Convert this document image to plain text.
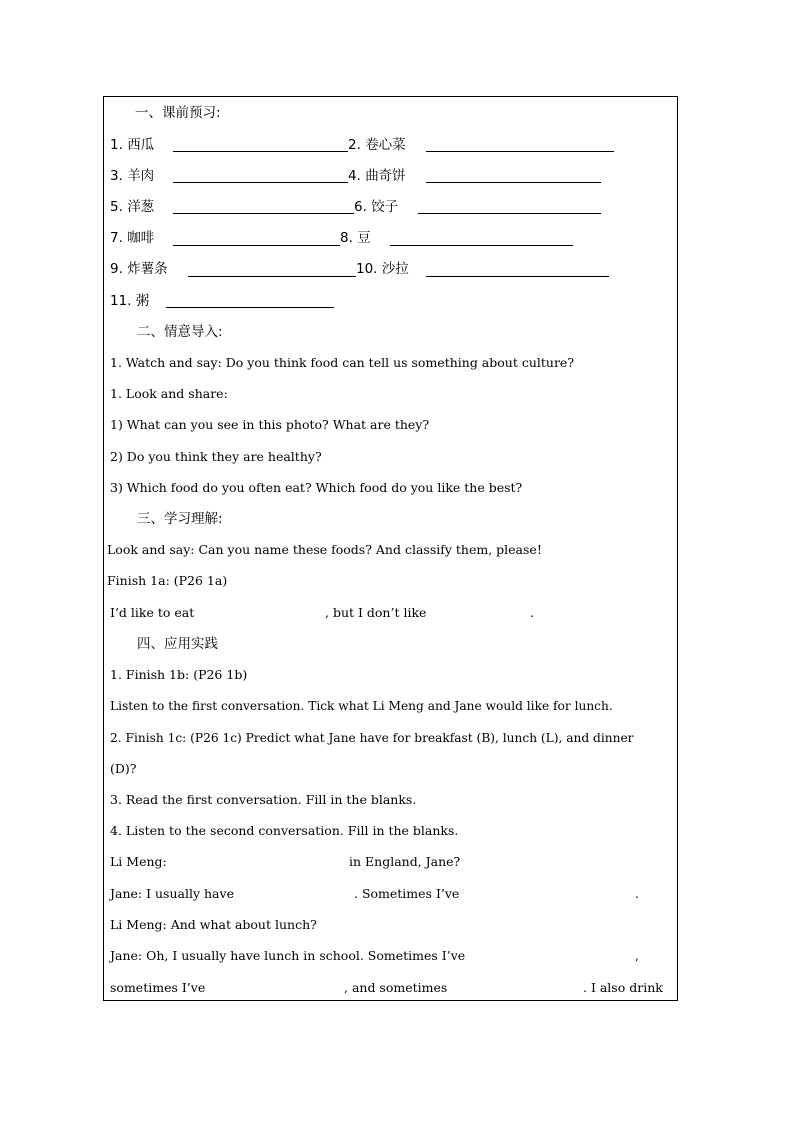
一、课前预习:
1. 西瓜	2. 卷心菜
3. 羊肉	4. 曲奇饼
5. 洋葱	6. 饺子
7. 咖啡	8. 豆
9. 炸薯条	10. 沙拉
11. 粥
二、情意导入:
1. Watch and say: Do you think food can tell us something about culture?
1. Look and share:
1) What can you see in this photo? What are they?
2) Do you think they are healthy?
3) Which food do you often eat? Which food do you like the best?
三、学习理解:
Look and say: Can you name these foods? And classify them, please!
Finish 1a: (P26 1a)
I’d like to eat	, but I don’t like	.
四、应用实践
1. Finish 1b: (P26 1b)
Listen to the first conversation. Tick what Li Meng and Jane would like for lunch.
2. Finish 1c: (P26 1c) Predict what Jane have for breakfast (B), lunch (L), and dinner
(D)?
3. Read the first conversation. Fill in the blanks.
4. Listen to the second conversation. Fill in the blanks.
Li Meng:	in England, Jane?
Jane: I usually have	. Sometimes I’ve	.
Li Meng: And what about lunch?
Jane: Oh, I usually have lunch in school. Sometimes I’ve	,
sometimes I’ve	, and sometimes	. I also drink
